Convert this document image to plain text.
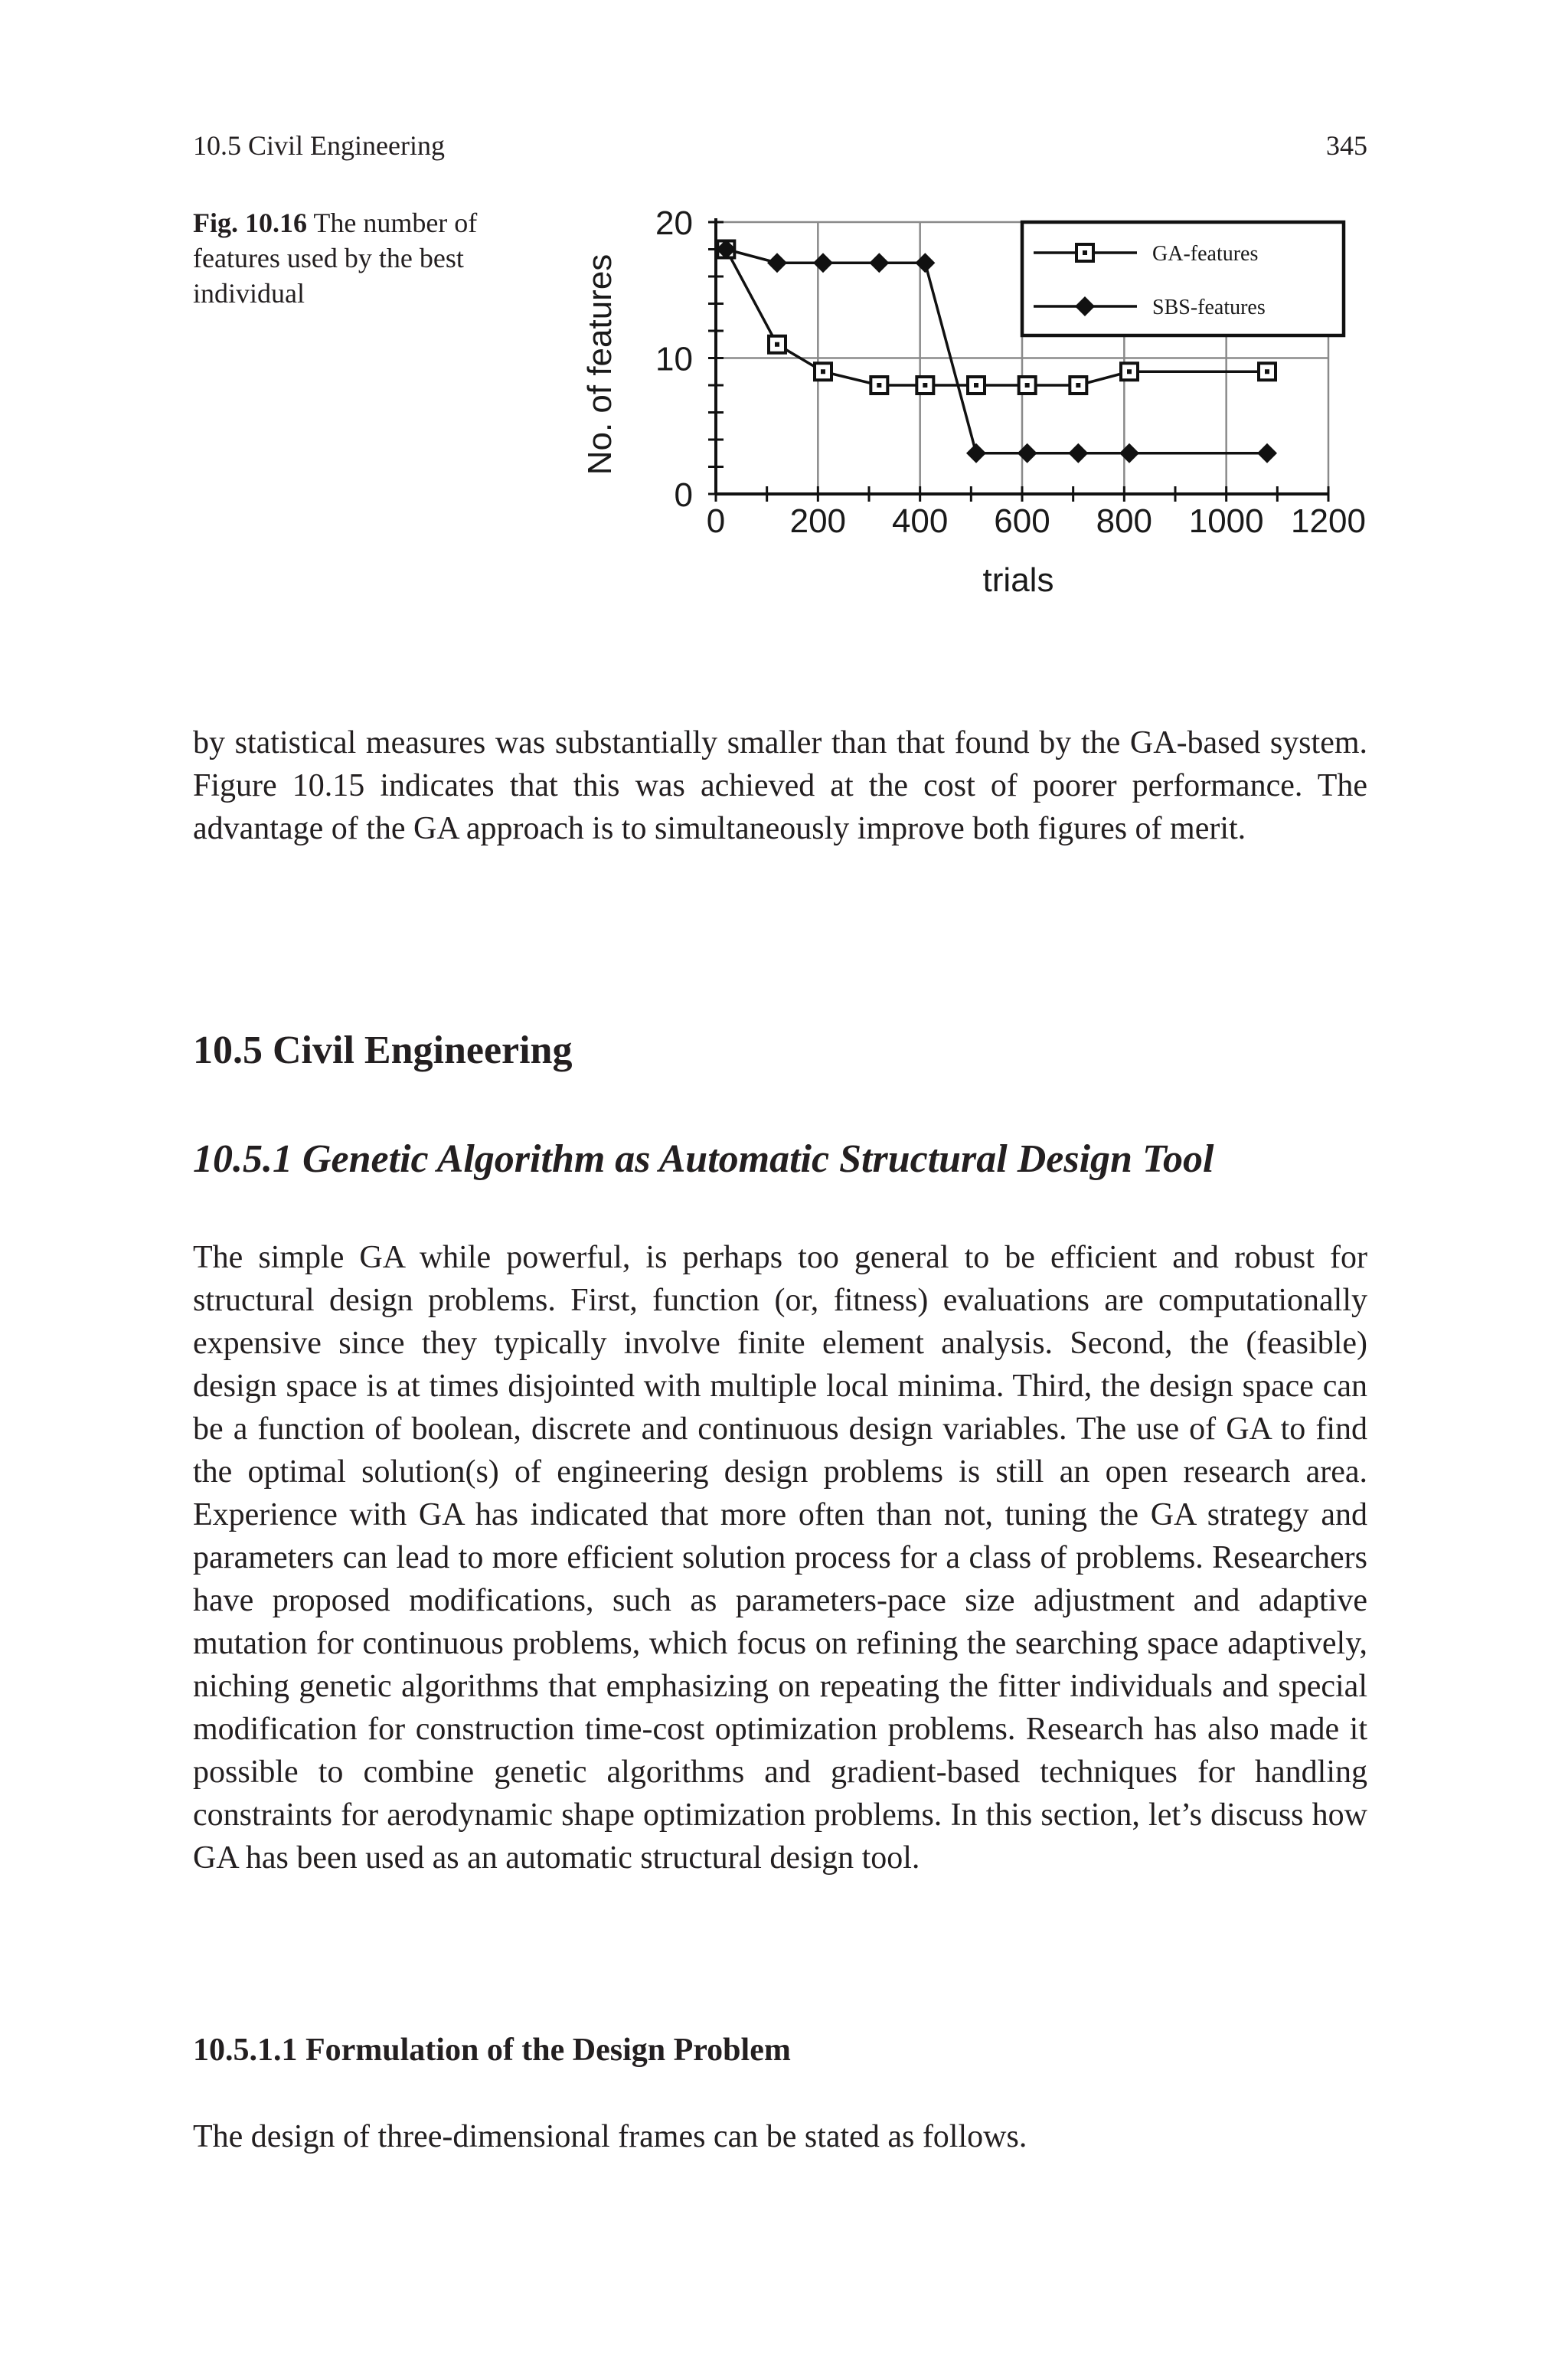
10.5 Civil Engineering	345
Fig. 10.16 The number of features used by the best individual
0 200 400 600 800 1000 1200
0
10
20
GA-features
SBS-features
trials
No. of features

by statistical measures was substantially smaller than that found by the GA-based system. Figure 10.15 indicates that this was achieved at the cost of poorer performance. The advantage of the GA approach is to simultaneously improve both figures of merit.

10.5 Civil Engineering
10.5.1 Genetic Algorithm as Automatic Structural Design Tool

The simple GA while powerful, is perhaps too general to be efficient and robust for structural design problems. First, function (or, fitness) evaluations are computationally expensive since they typically involve finite element analysis. Second, the (feasible) design space is at times disjointed with multiple local minima. Third, the design space can be a function of boolean, discrete and continuous design variables. The use of GA to find the optimal solution(s) of engineering design problems is still an open research area. Experience with GA has indicated that more often than not, tuning the GA strategy and parameters can lead to more efficient solution process for a class of problems. Researchers have proposed modifications, such as parameters-pace size adjustment and adaptive mutation for continuous problems, which focus on refining the searching space adaptively, niching genetic algorithms that emphasizing on repeating the fitter individuals and special modification for construction time-cost optimization problems. Research has also made it possible to combine genetic algorithms and gradient-based techniques for handling constraints for aerodynamic shape optimization problems. In this section, let’s discuss how GA has been used as an automatic structural design tool.

10.5.1.1 Formulation of the Design Problem

The design of three-dimensional frames can be stated as follows.
